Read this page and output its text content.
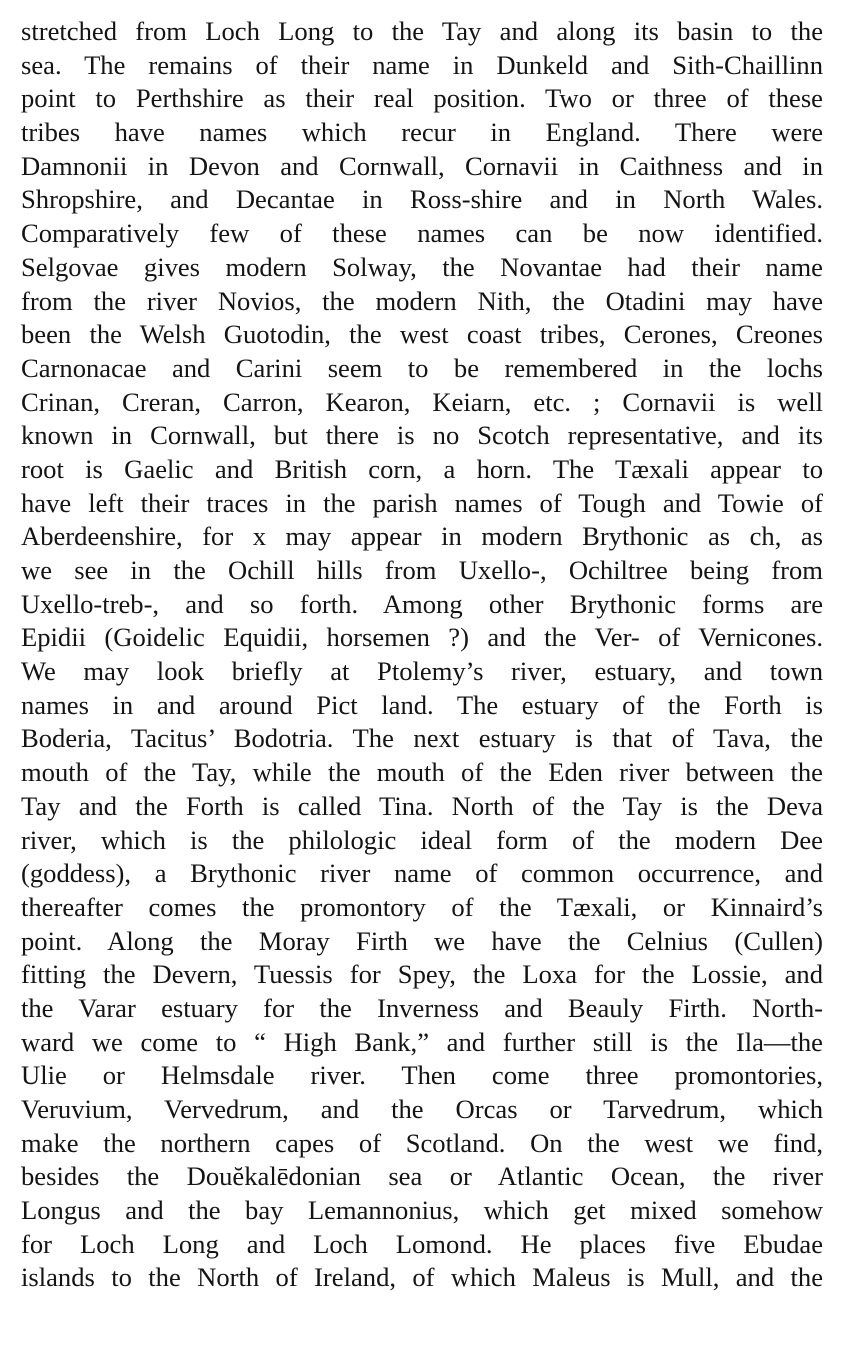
stretched from Loch Long to the Tay and along its basin to the
sea. The remains of their name in Dunkeld and Sith-Chaillinn
point to Perthshire as their real position. Two or three of these
tribes have names which recur in England. There were
Damnonii in Devon and Cornwall, Cornavii in Caithness and in
Shropshire, and Decantae in Ross-shire and in North Wales.
Comparatively few of these names can be now identified.
Selgovae gives modern Solway, the Novantae had their name
from the river Novios, the modern Nith, the Otadini may have
been the Welsh Guotodin, the west coast tribes, Cerones, Creones
Carnonacae and Carini seem to be remembered in the lochs
Crinan, Creran, Carron, Kearon, Keiarn, etc. ; Cornavii is well
known in Cornwall, but there is no Scotch representative, and its
root is Gaelic and British corn, a horn. The Tæxali appear to
have left their traces in the parish names of Tough and Towie of
Aberdeenshire, for x may appear in modern Brythonic as ch, as
we see in the Ochill hills from Uxello-, Ochiltree being from
Uxello-treb-, and so forth. Among other Brythonic forms are
Epidii (Goidelic Equidii, horsemen ?) and the Ver- of Vernicones.
We may look briefly at Ptolemy’s river, estuary, and town
names in and around Pict land. The estuary of the Forth is
Boderia, Tacitus’ Bodotria. The next estuary is that of Tava, the
mouth of the Tay, while the mouth of the Eden river between the
Tay and the Forth is called Tina. North of the Tay is the Deva
river, which is the philologic ideal form of the modern Dee
(goddess), a Brythonic river name of common occurrence, and
thereafter comes the promontory of the Tæxali, or Kinnaird’s
point. Along the Moray Firth we have the Celnius (Cullen)
fitting the Devern, Tuessis for Spey, the Loxa for the Lossie, and
the Varar estuary for the Inverness and Beauly Firth. North-
ward we come to “ High Bank,” and further still is the Ila—the
Ulie or Helmsdale river. Then come three promontories,
Veruvium, Vervedrum, and the Orcas or Tarvedrum, which
make the northern capes of Scotland. On the west we find,
besides the Douĕkalēdonian sea or Atlantic Ocean, the river
Longus and the bay Lemannonius, which get mixed somehow
for Loch Long and Loch Lomond. He places five Ebudae
islands to the North of Ireland, of which Maleus is Mull, and the
